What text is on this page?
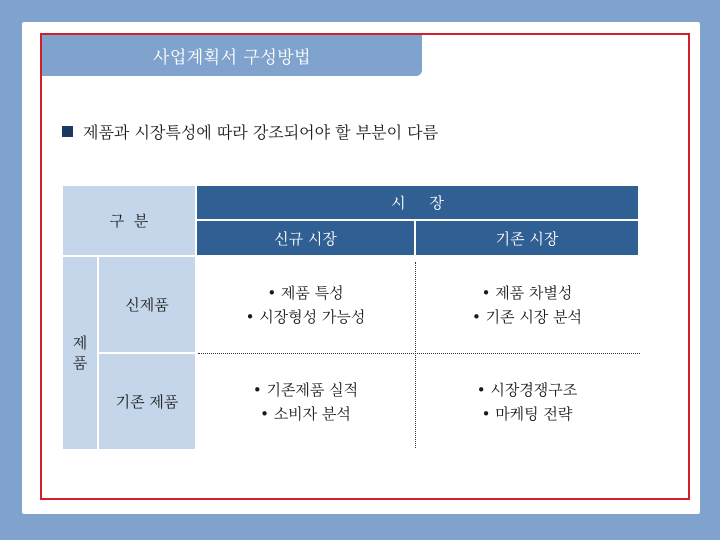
사업계획서 구성방법
제품과 시장특성에 따라 강조되어야 할 부분이 다름
구  분
시     장
신규 시장	기존 시장
제
품
신제품
기존 제품
• 제품 특성
• 시장형성 가능성
• 제품 차별성
• 기존 시장 분석
• 기존제품 실적
• 소비자 분석
• 시장경쟁구조
• 마케팅 전략
